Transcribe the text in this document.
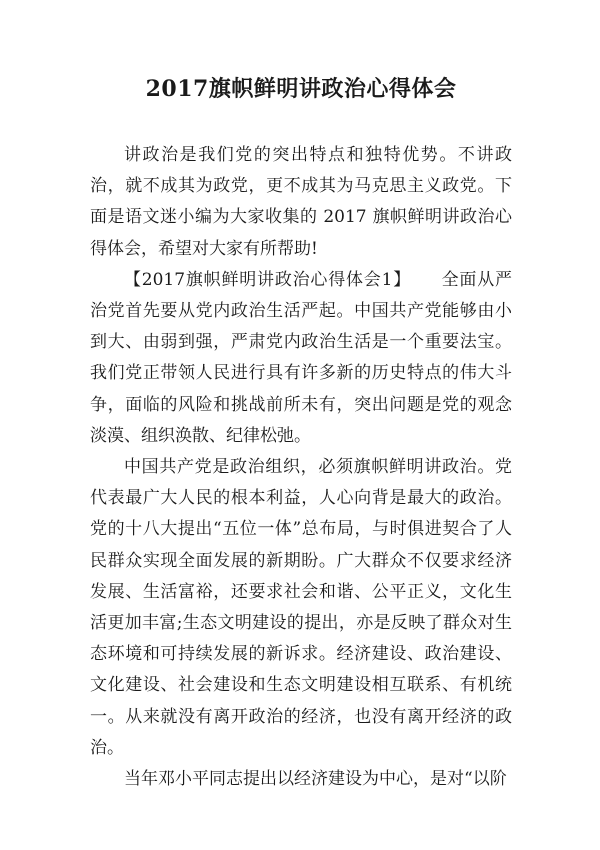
2017旗帜鲜明讲政治心得体会

讲政治是我们党的突出特点和独特优势。不讲政治，就不成其为政党，更不成其为马克思主义政党。下面是语文迷小编为大家收集的 2017 旗帜鲜明讲政治心得体会，希望对大家有所帮助!

【2017旗帜鲜明讲政治心得体会1】 全面从严治党首先要从党内政治生活严起。中国共产党能够由小到大、由弱到强，严肃党内政治生活是一个重要法宝。我们党正带领人民进行具有许多新的历史特点的伟大斗争，面临的风险和挑战前所未有，突出问题是党的观念淡漠、组织涣散、纪律松弛。

中国共产党是政治组织，必须旗帜鲜明讲政治。党代表最广大人民的根本利益，人心向背是最大的政治。党的十八大提出“五位一体”总布局，与时俱进契合了人民群众实现全面发展的新期盼。广大群众不仅要求经济发展、生活富裕，还要求社会和谐、公平正义，文化生活更加丰富;生态文明建设的提出，亦是反映了群众对生态环境和可持续发展的新诉求。经济建设、政治建设、文化建设、社会建设和生态文明建设相互联系、有机统一。从来就没有离开政治的经济，也没有离开经济的政治。

当年邓小平同志提出以经济建设为中心，是对“以阶
